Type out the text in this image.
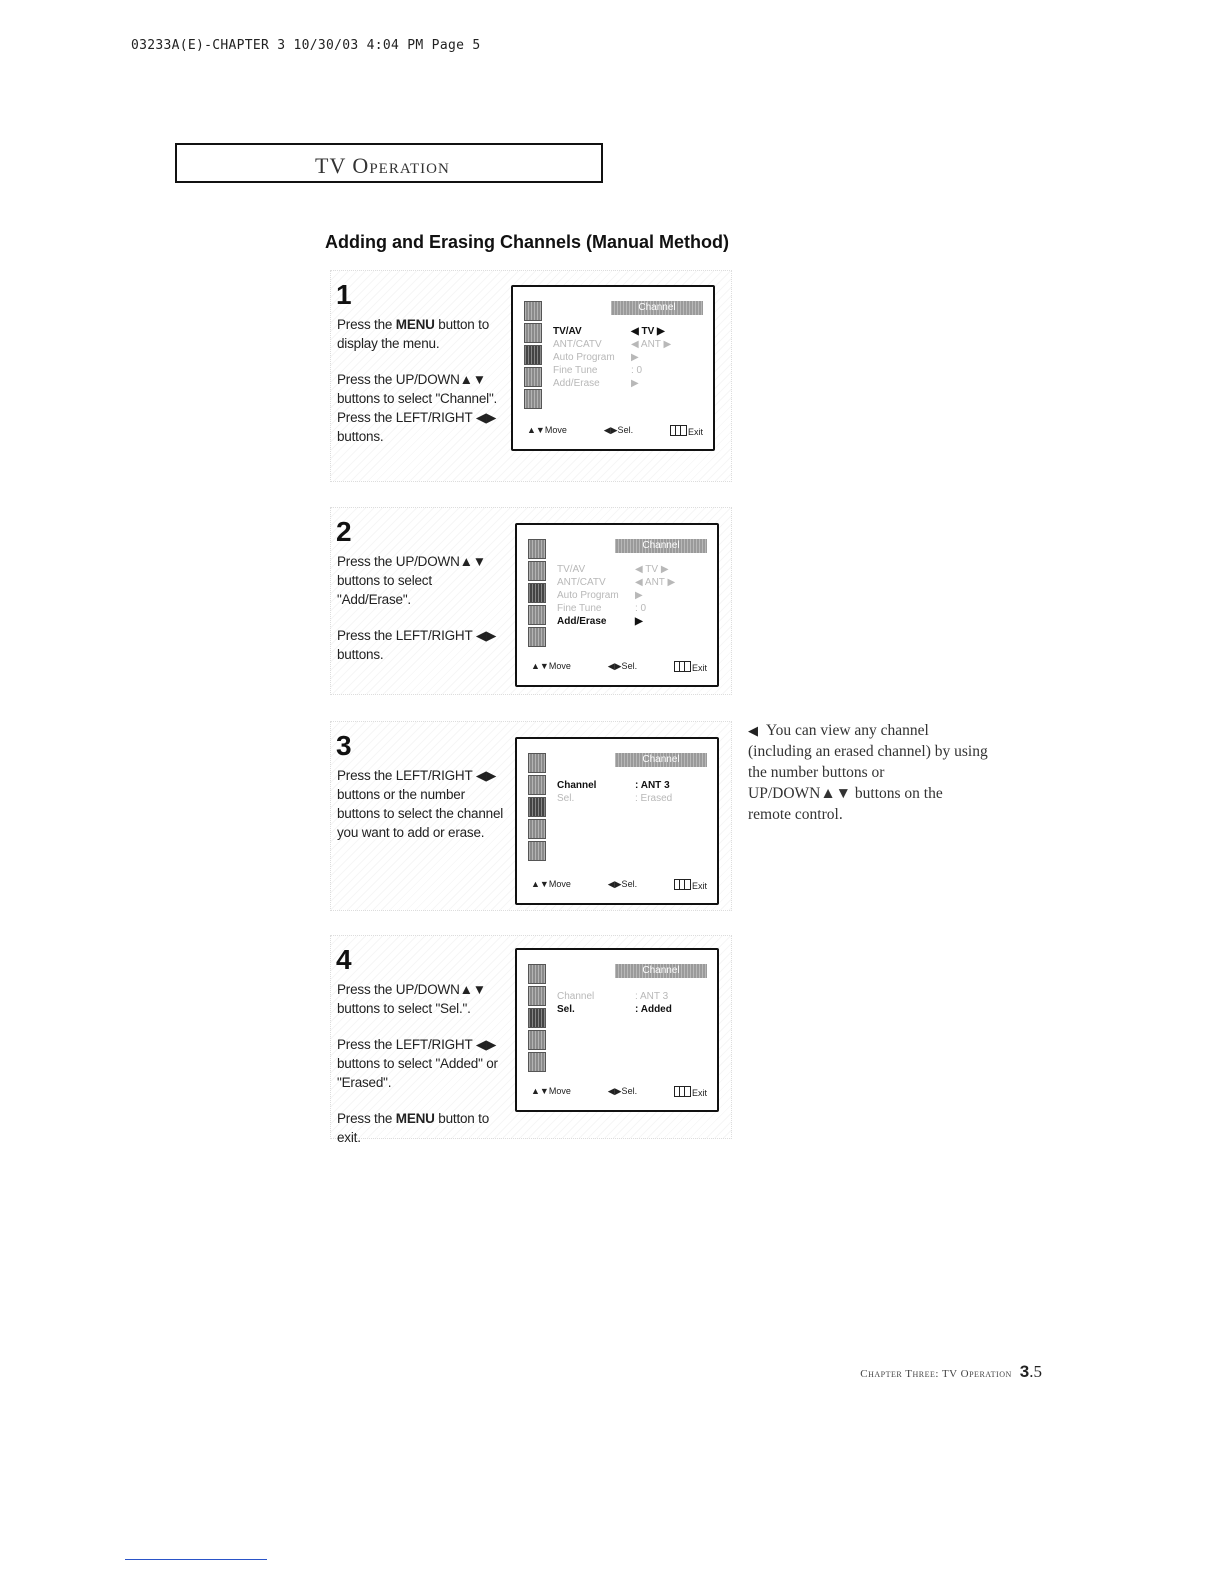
03233A(E)-CHAPTER 3 10/30/03 4:04 PM Page 5
TV Operation
Adding and Erasing Channels (Manual Method)
1

Press the MENU button to display the menu.

Press the UP/DOWN▲▼ buttons to select "Channel". Press the LEFT/RIGHT ◀▶ buttons.

Channel
TV/AV	◀ TV ▶
ANT/CATV	◀ ANT ▶
Auto Program ▶
Fine Tune	: 0
Add/Erase	▶
▲▼Move	◀▶Sel.	Exit
2

Press the UP/DOWN▲▼ buttons to select "Add/Erase".

Press the LEFT/RIGHT ◀▶ buttons.

Channel
TV/AV	◀ TV ▶
ANT/CATV	◀ ANT ▶
Auto Program ▶
Fine Tune	: 0
Add/Erase	▶
▲▼Move	◀▶Sel.	Exit
3

Press the LEFT/RIGHT ◀▶ buttons or the number buttons to select the channel you want to add or erase.

Channel
Channel	: ANT 3
Sel.	: Erased
▲▼Move	◀▶Sel.	Exit
4

Press the UP/DOWN▲▼ buttons to select "Sel.".

Press the LEFT/RIGHT ◀▶ buttons to select "Added" or "Erased".

Press the MENU button to exit.

Channel
Channel	: ANT 3
Sel.	: Added
▲▼Move	◀▶Sel.	Exit
◀ You can view any channel (including an erased channel) by using the number buttons or UP/DOWN▲▼ buttons on the remote control.
Chapter Three: TV Operation 3.5
